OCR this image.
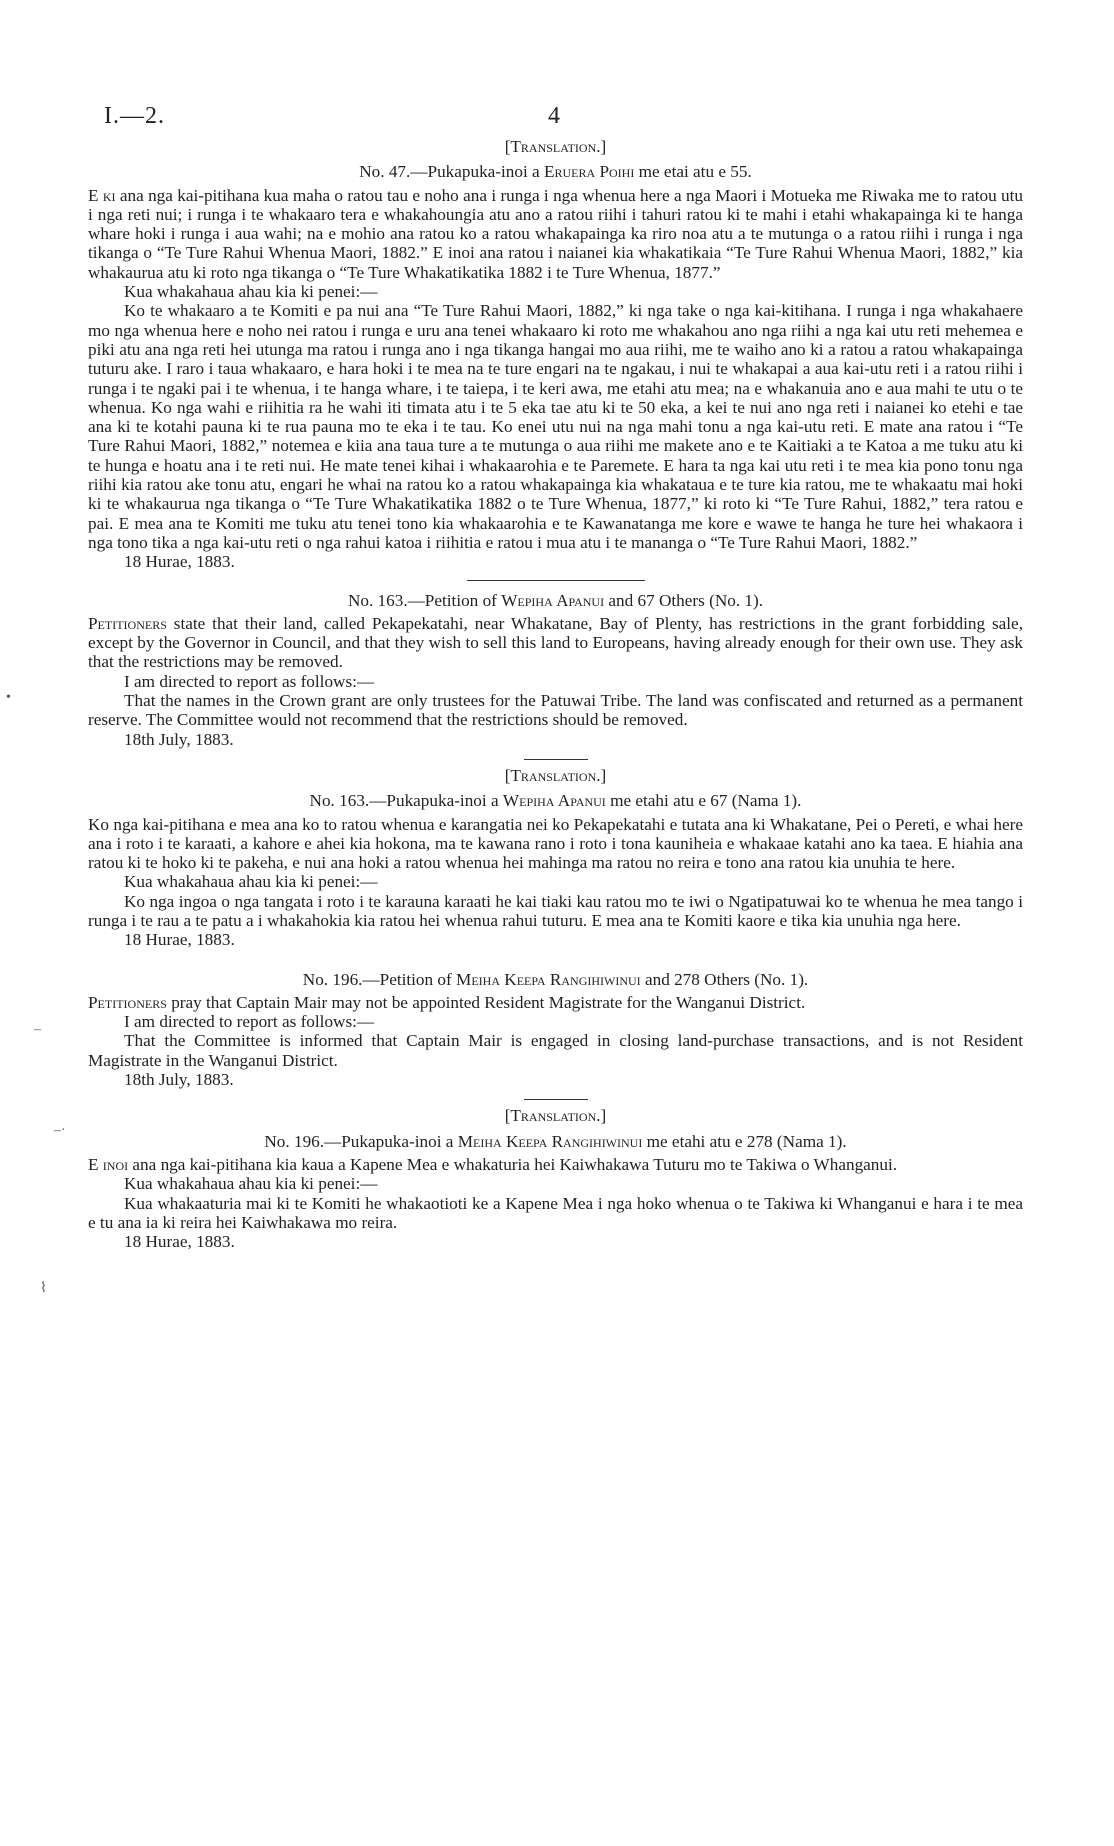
•
–
–·
⌇
I.—2.	4

[Translation.]

No. 47.—Pukapuka-inoi a Eruera Poihi me etai atu e 55.

E ki ana nga kai-pitihana kua maha o ratou tau e noho ana i runga i nga whenua here a nga Maori i Motueka me Riwaka me to ratou utu i nga reti nui; i runga i te whakaaro tera e whakahoungia atu ano a ratou riihi i tahuri ratou ki te mahi i etahi whakapainga ki te hanga whare hoki i runga i aua wahi; na e mohio ana ratou ko a ratou whakapainga ka riro noa atu a te mutunga o a ratou riihi i runga i nga tikanga o “Te Ture Rahui Whenua Maori, 1882.” E inoi ana ratou i naianei kia whakatikaia “Te Ture Rahui Whenua Maori, 1882,” kia whakaurua atu ki roto nga tikanga o “Te Ture Whakatikatika 1882 i te Ture Whenua, 1877.”

Kua whakahaua ahau kia ki penei:—

Ko te whakaaro a te Komiti e pa nui ana “Te Ture Rahui Maori, 1882,” ki nga take o nga kai-kitihana. I runga i nga whakahaere mo nga whenua here e noho nei ratou i runga e uru ana tenei whakaaro ki roto me whakahou ano nga riihi a nga kai utu reti mehemea e piki atu ana nga reti hei utunga ma ratou i runga ano i nga tikanga hangai mo aua riihi, me te waiho ano ki a ratou a ratou whakapainga tuturu ake. I raro i taua whakaaro, e hara hoki i te mea na te ture engari na te ngakau, i nui te whakapai a aua kai-utu reti i a ratou riihi i runga i te ngaki pai i te whenua, i te hanga whare, i te taiepa, i te keri awa, me etahi atu mea; na e whakanuia ano e aua mahi te utu o te whenua. Ko nga wahi e riihitia ra he wahi iti timata atu i te 5 eka tae atu ki te 50 eka, a kei te nui ano nga reti i naianei ko etehi e tae ana ki te kotahi pauna ki te rua pauna mo te eka i te tau. Ko enei utu nui na nga mahi tonu a nga kai-utu reti. E mate ana ratou i “Te Ture Rahui Maori, 1882,” notemea e kiia ana taua ture a te mutunga o aua riihi me makete ano e te Kaitiaki a te Katoa a me tuku atu ki te hunga e hoatu ana i te reti nui. He mate tenei kihai i whakaarohia e te Paremete. E hara ta nga kai utu reti i te mea kia pono tonu nga riihi kia ratou ake tonu atu, engari he whai na ratou ko a ratou whakapainga kia whakataua e te ture kia ratou, me te whakaatu mai hoki ki te whakaurua nga tikanga o “Te Ture Whakatikatika 1882 o te Ture Whenua, 1877,” ki roto ki “Te Ture Rahui, 1882,” tera ratou e pai. E mea ana te Komiti me tuku atu tenei tono kia whakaarohia e te Kawanatanga me kore e wawe te hanga he ture hei whakaora i nga tono tika a nga kai-utu reti o nga rahui katoa i riihitia e ratou i mua atu i te mananga o “Te Ture Rahui Maori, 1882.”

18 Hurae, 1883.

No. 163.—Petition of Wepiha Apanui and 67 Others (No. 1).

Petitioners state that their land, called Pekapekatahi, near Whakatane, Bay of Plenty, has restrictions in the grant forbidding sale, except by the Governor in Council, and that they wish to sell this land to Europeans, having already enough for their own use. They ask that the restrictions may be removed.

I am directed to report as follows:—

That the names in the Crown grant are only trustees for the Patuwai Tribe. The land was confiscated and returned as a permanent reserve. The Committee would not recommend that the restrictions should be removed.

18th July, 1883.

[Translation.]

No. 163.—Pukapuka-inoi a Wepiha Apanui me etahi atu e 67 (Nama 1).

Ko nga kai-pitihana e mea ana ko to ratou whenua e karangatia nei ko Pekapekatahi e tutata ana ki Whakatane, Pei o Pereti, e whai here ana i roto i te karaati, a kahore e ahei kia hokona, ma te kawana rano i roto i tona kauniheia e whakaae katahi ano ka taea. E hiahia ana ratou ki te hoko ki te pakeha, e nui ana hoki a ratou whenua hei mahinga ma ratou no reira e tono ana ratou kia unuhia te here.

Kua whakahaua ahau kia ki penei:—

Ko nga ingoa o nga tangata i roto i te karauna karaati he kai tiaki kau ratou mo te iwi o Ngatipatuwai ko te whenua he mea tango i runga i te rau a te patu a i whakahokia kia ratou hei whenua rahui tuturu. E mea ana te Komiti kaore e tika kia unuhia nga here.

18 Hurae, 1883.

No. 196.—Petition of Meiha Keepa Rangihiwinui and 278 Others (No. 1).

Petitioners pray that Captain Mair may not be appointed Resident Magistrate for the Wanganui District.

I am directed to report as follows:—

That the Committee is informed that Captain Mair is engaged in closing land-purchase transactions, and is not Resident Magistrate in the Wanganui District.

18th July, 1883.

[Translation.]

No. 196.—Pukapuka-inoi a Meiha Keepa Rangihiwinui me etahi atu e 278 (Nama 1).

E inoi ana nga kai-pitihana kia kaua a Kapene Mea e whakaturia hei Kaiwhakawa Tuturu mo te Takiwa o Whanganui.

Kua whakahaua ahau kia ki penei:—

Kua whakaaturia mai ki te Komiti he whakaotioti ke a Kapene Mea i nga hoko whenua o te Takiwa ki Whanganui e hara i te mea e tu ana ia ki reira hei Kaiwhakawa mo reira.

18 Hurae, 1883.
